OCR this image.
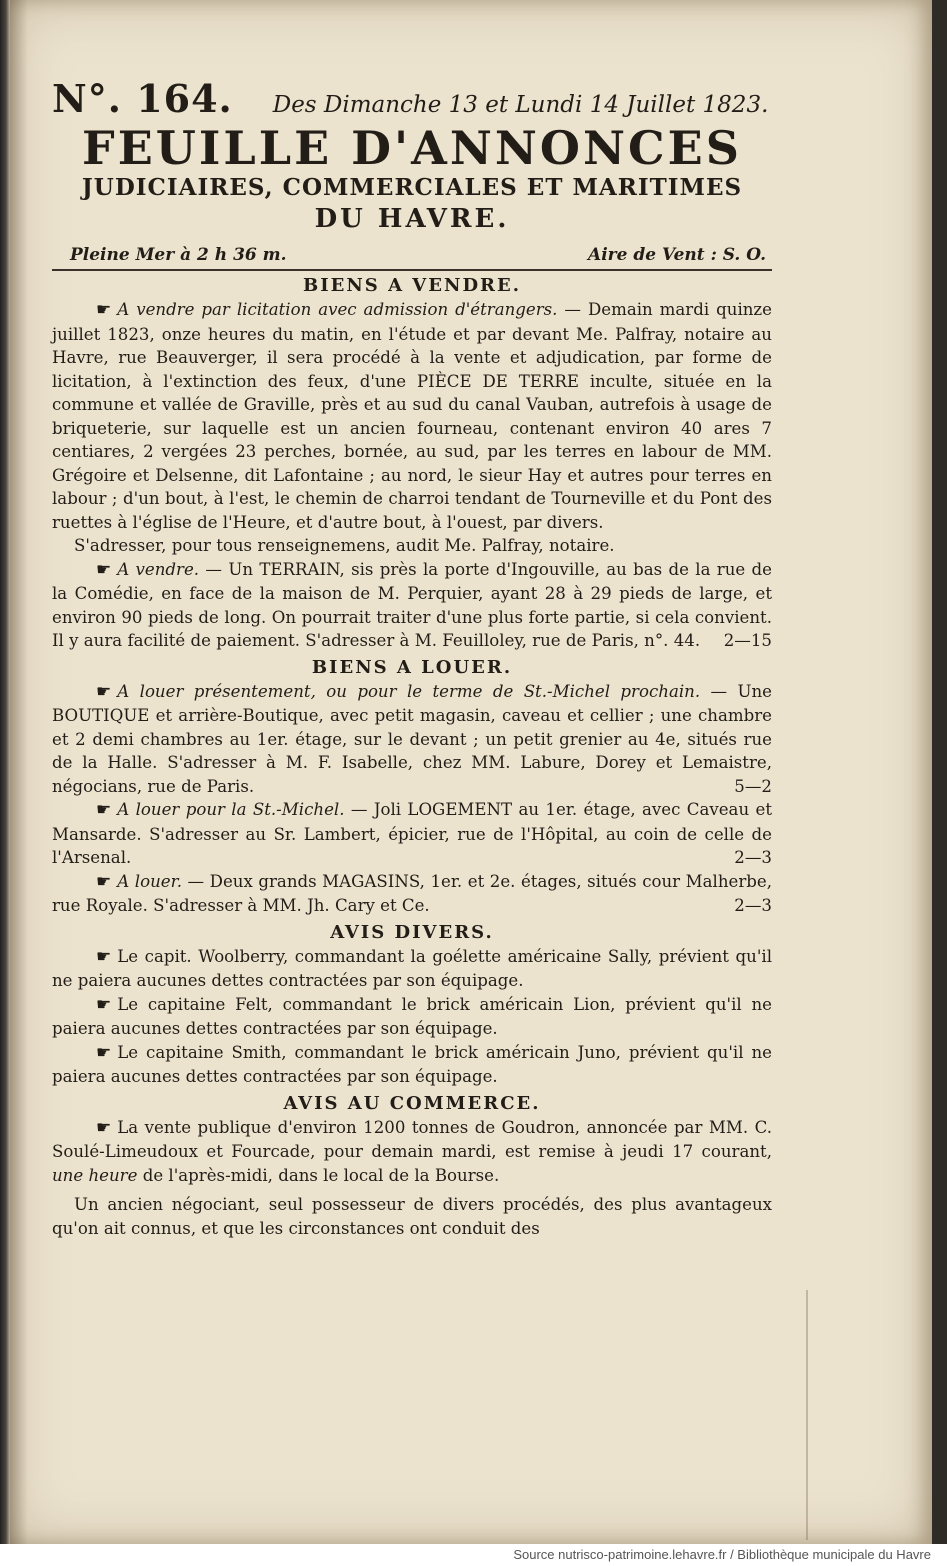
N°. 164. Des Dimanche 13 et Lundi 14 Juillet 1823.
FEUILLE D'ANNONCES
JUDICIAIRES, COMMERCIALES ET MARITIMES
DU HAVRE.
Pleine Mer à 2 h 36 m.	Aire de Vent : S. O.
BIENS A VENDRE.

☛ A vendre par licitation avec admission d'étrangers. — Demain mardi quinze juillet 1823, onze heures du matin, en l'étude et par devant Me. Palfray, notaire au Havre, rue Beauverger, il sera procédé à la vente et adjudication, par forme de licitation, à l'extinction des feux, d'une PIÈCE DE TERRE inculte, située en la commune et vallée de Graville, près et au sud du canal Vauban, autrefois à usage de briqueterie, sur laquelle est un ancien fourneau, contenant environ 40 ares 7 centiares, 2 vergées 23 perches, bornée, au sud, par les terres en labour de MM. Grégoire et Delsenne, dit Lafontaine ; au nord, le sieur Hay et autres pour terres en labour ; d'un bout, à l'est, le chemin de charroi tendant de Tourneville et du Pont des ruettes à l'église de l'Heure, et d'autre bout, à l'ouest, par divers.

S'adresser, pour tous renseignemens, audit Me. Palfray, notaire.

☛ A vendre. — Un TERRAIN, sis près la porte d'Ingouville, au bas de la rue de la Comédie, en face de la maison de M. Perquier, ayant 28 à 29 pieds de large, et environ 90 pieds de long. On pourrait traiter d'une plus forte partie, si cela convient. Il y aura facilité de paiement. S'adresser à M. Feuilloley, rue de Paris, n°. 44.	2—15

BIENS A LOUER.

☛ A louer présentement, ou pour le terme de St.-Michel prochain. — Une BOUTIQUE et arrière-Boutique, avec petit magasin, caveau et cellier ; une chambre et 2 demi chambres au 1er. étage, sur le devant ; un petit grenier au 4e, situés rue de la Halle. S'adresser à M. F. Isabelle, chez MM. Labure, Dorey et Lemaistre, négocians, rue de Paris.	5—2

☛ A louer pour la St.-Michel. — Joli LOGEMENT au 1er. étage, avec Caveau et Mansarde. S'adresser au Sr. Lambert, épicier, rue de l'Hôpital, au coin de celle de l'Arsenal.	2—3

☛ A louer. — Deux grands MAGASINS, 1er. et 2e. étages, situés cour Malherbe, rue Royale. S'adresser à MM. Jh. Cary et Ce.	2—3

AVIS DIVERS.

☛ Le capit. Woolberry, commandant la goélette américaine Sally, prévient qu'il ne paiera aucunes dettes contractées par son équipage.

☛ Le capitaine Felt, commandant le brick américain Lion, prévient qu'il ne paiera aucunes dettes contractées par son équipage.

☛ Le capitaine Smith, commandant le brick américain Juno, prévient qu'il ne paiera aucunes dettes contractées par son équipage.

AVIS AU COMMERCE.

☛ La vente publique d'environ 1200 tonnes de Goudron, annoncée par MM. C. Soulé-Limeudoux et Fourcade, pour demain mardi, est remise à jeudi 17 courant, une heure de l'après-midi, dans le local de la Bourse.

Un ancien négociant, seul possesseur de divers procédés, des plus avantageux qu'on ait connus, et que les circonstances ont conduit des

Source nutrisco-patrimoine.lehavre.fr / Bibliothèque municipale du Havre
